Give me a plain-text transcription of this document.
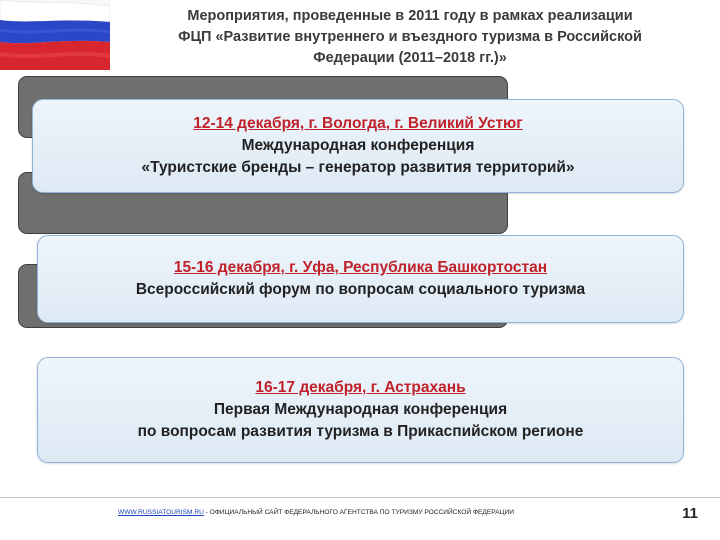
Мероприятия, проведенные в 2011 году в рамках реализации
ФЦП «Развитие внутреннего и въездного туризма в Российской
Федерации (2011–2018 гг.)»
12-14 декабря, г. Вологда, г. Великий Устюг
Международная конференция
«Туристские бренды – генератор развития территорий»
15-16 декабря, г. Уфа, Республика Башкортостан
Всероссийский форум по вопросам социального туризма
16-17 декабря, г. Астрахань
Первая Международная конференция
по вопросам развития туризма в Прикаспийском регионе
WWW.RUSSIATOURISM.RU - ОФИЦИАЛЬНЫЙ САЙТ ФЕДЕРАЛЬНОГО АГЕНТСТВА ПО ТУРИЗМУ РОССИЙСКОЙ ФЕДЕРАЦИИ	11
